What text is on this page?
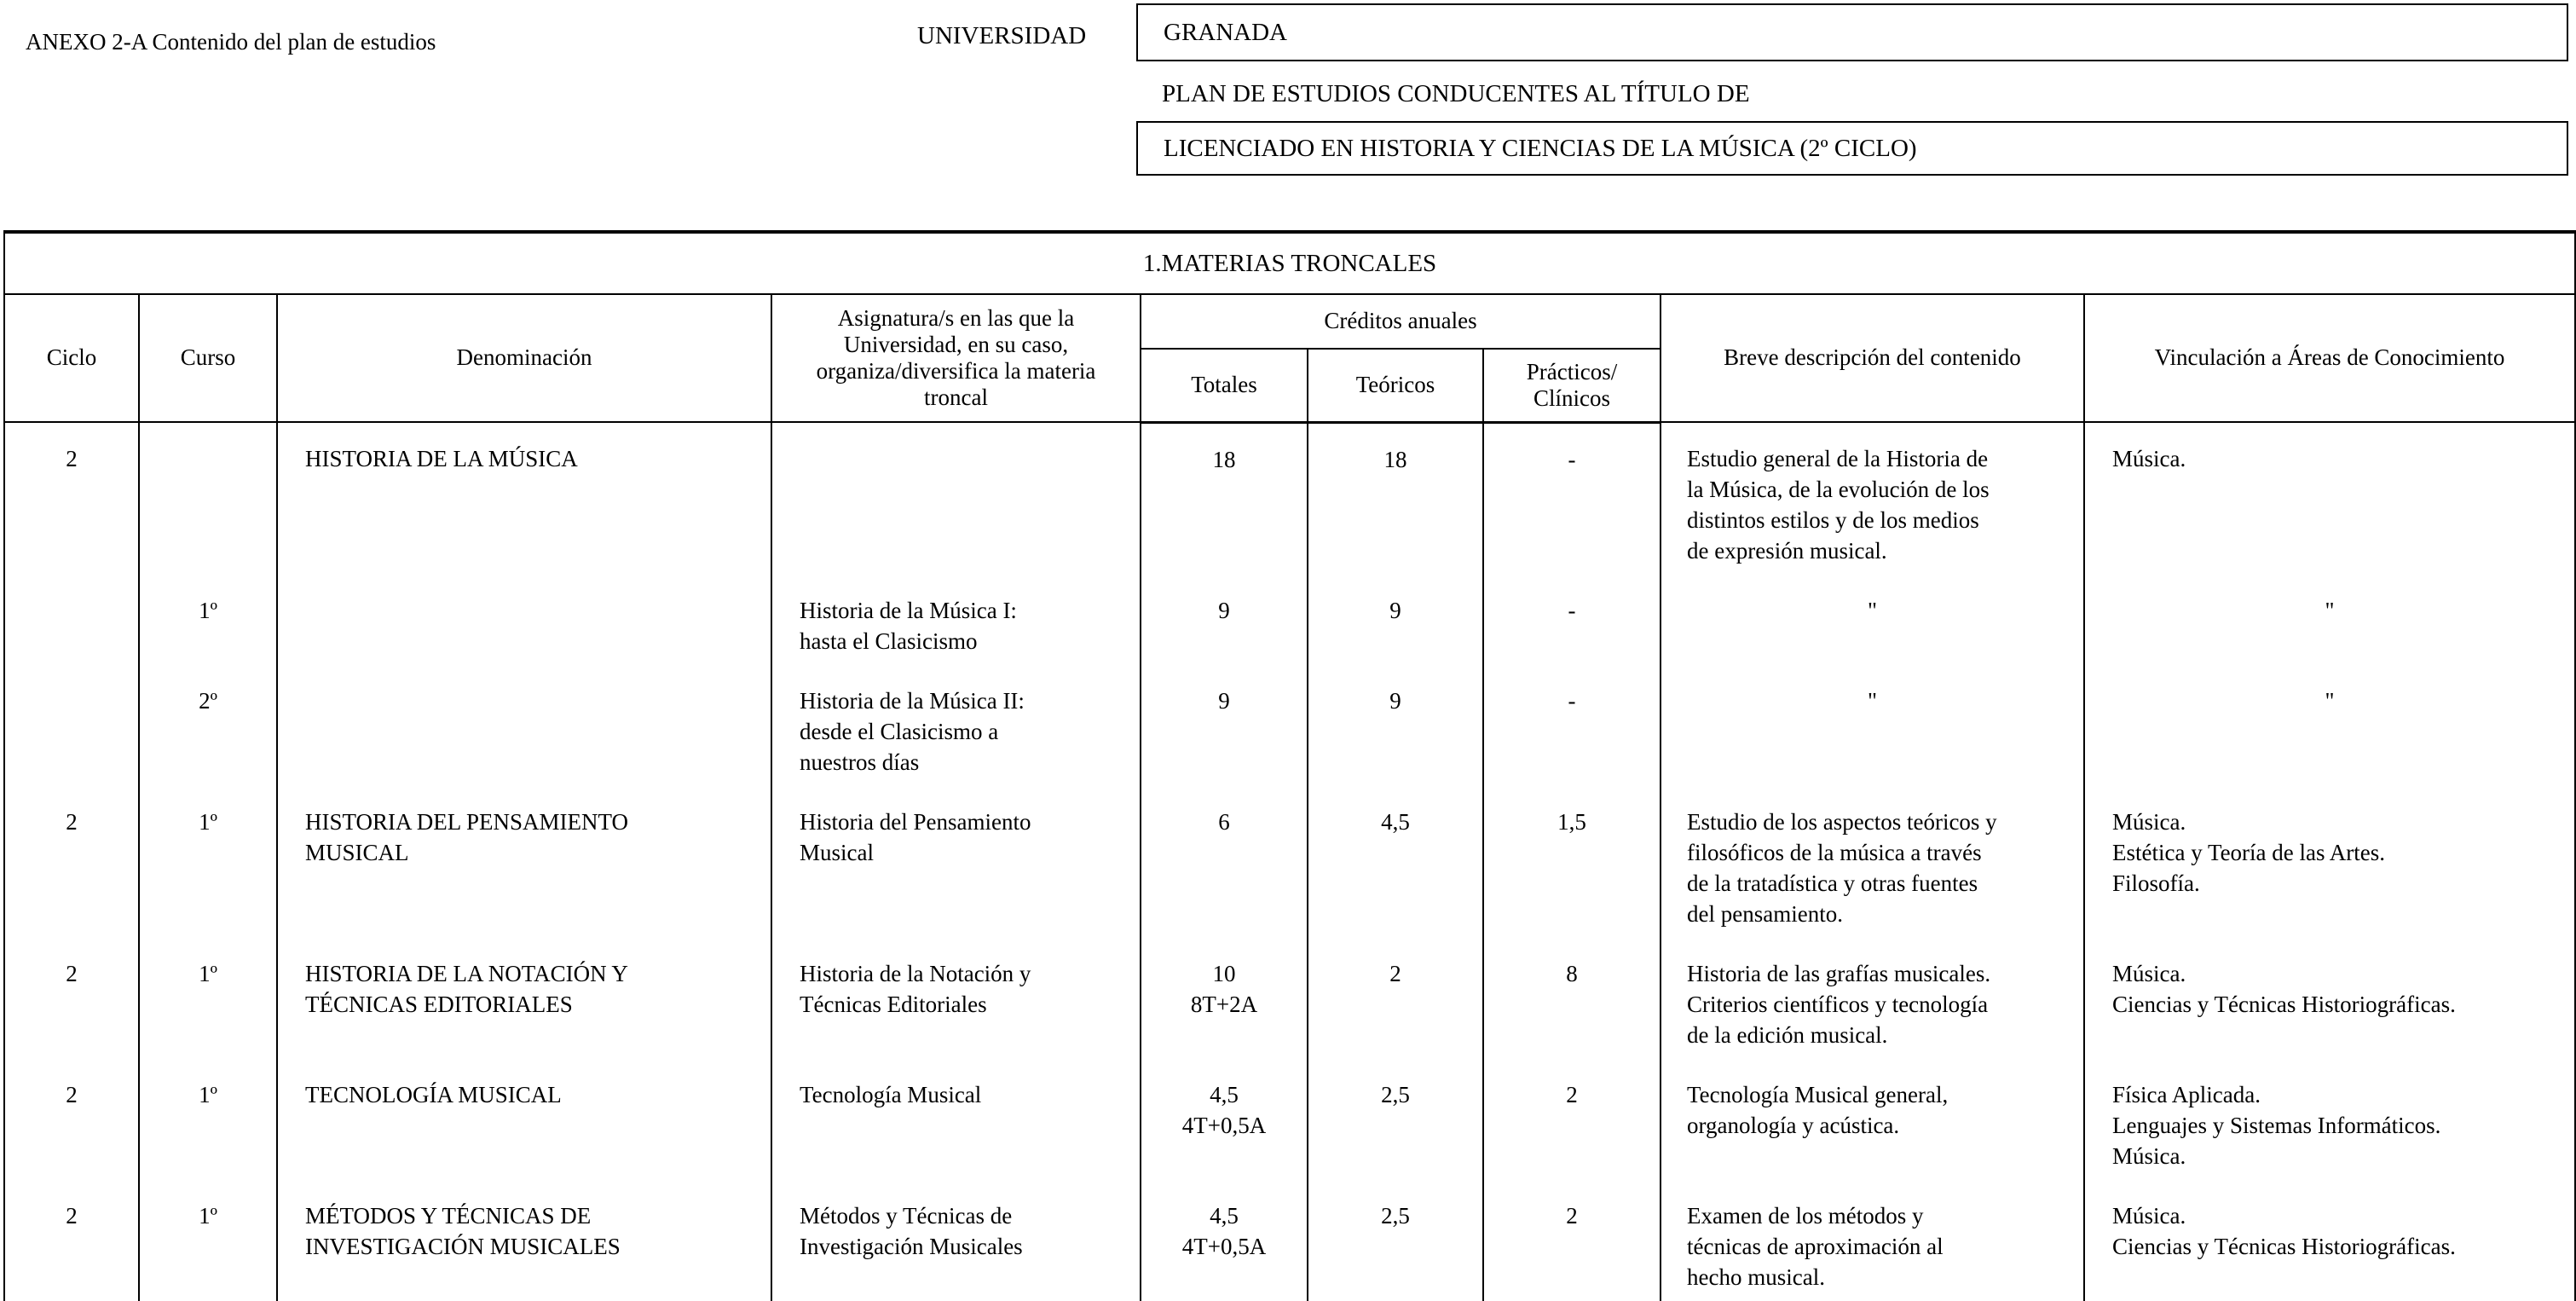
ANEXO 2-A Contenido del plan de estudios	UNIVERSIDAD	GRANADA
PLAN DE ESTUDIOS CONDUCENTES AL TÍTULO DE
LICENCIADO EN HISTORIA Y CIENCIAS DE LA MÚSICA (2º CICLO)
1.MATERIAS TRONCALES								
Ciclo	Curso	Denominación	Asignatura/s en las que la Universidad, en su caso, organiza/diversifica la materia troncal	Créditos anuales			Breve descripción del contenido	Vinculación a Áreas de Conocimiento
				Totales	Teóricos	Prácticos/ Clínicos		

2		HISTORIA DE LA MÚSICA		18	18	-	Estudio general de la Historia de
la Música, de la evolución de los
distintos estilos y de los medios
de expresión musical.	Música.

	1º		Historia de la Música I:
hasta el Clasicismo	9	9	-	"	"

	2º		Historia de la Música II:
desde el Clasicismo a
nuestros días	9	9	-	"	"

2	1º	HISTORIA DEL PENSAMIENTO
MUSICAL	Historia del Pensamiento
Musical	6	4,5	1,5	Estudio de los aspectos teóricos y
filosóficos de la música a través
de la tratadística y otras fuentes
del pensamiento.	Música.
Estética y Teoría de las Artes.
Filosofía.

2	1º	HISTORIA DE LA NOTACIÓN Y
TÉCNICAS EDITORIALES	Historia de la Notación y
Técnicas Editoriales	10
8T+2A	2	8	Historia de las grafías musicales.
Criterios científicos y tecnología
de la edición musical.	Música.
Ciencias y Técnicas Historiográficas.

2	1º	TECNOLOGÍA MUSICAL	Tecnología Musical	4,5
4T+0,5A	2,5	2	Tecnología Musical general,
organología y acústica.	Física Aplicada.
Lenguajes y Sistemas Informáticos.
Música.

2	1º	MÉTODOS Y TÉCNICAS DE
INVESTIGACIÓN MUSICALES	Métodos y Técnicas de
Investigación Musicales	4,5
4T+0,5A	2,5	2	Examen de los métodos y
técnicas de aproximación al
hecho musical.	Música.
Ciencias y Técnicas Historiográficas.
